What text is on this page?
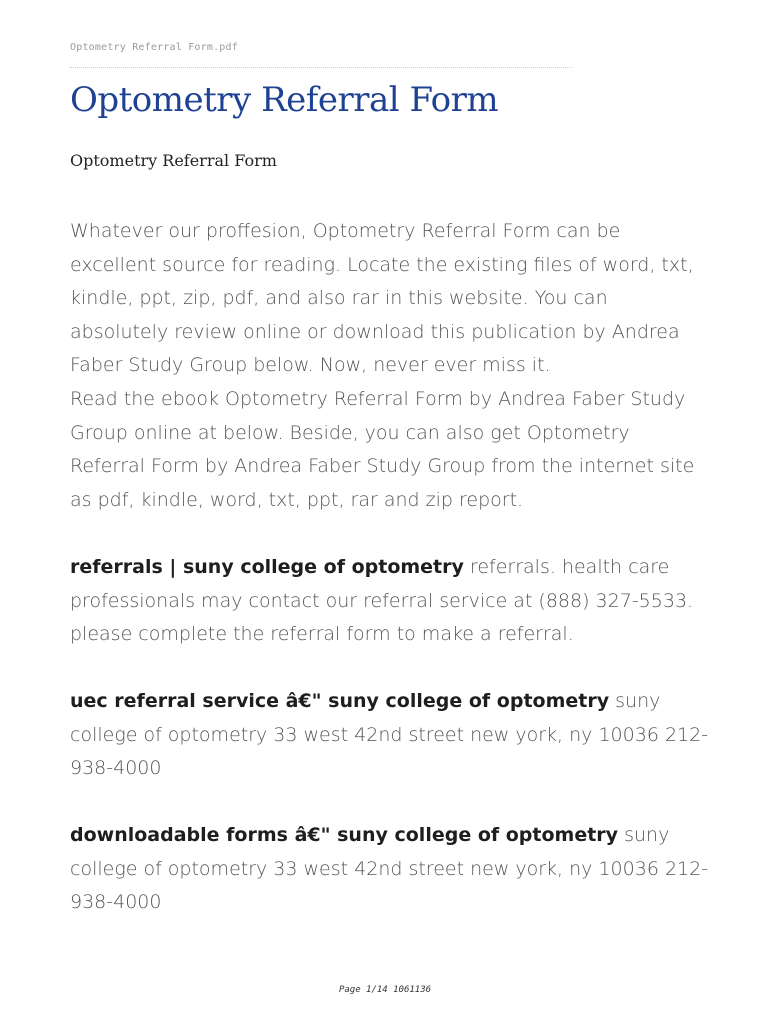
Optometry Referral Form.pdf
Optometry Referral Form
Optometry Referral Form
Whatever our proffesion, Optometry Referral Form can be excellent source for reading. Locate the existing files of word, txt, kindle, ppt, zip, pdf, and also rar in this website. You can absolutely review online or download this publication by Andrea Faber Study Group below. Now, never ever miss it.
Read the ebook Optometry Referral Form by Andrea Faber Study Group online at below. Beside, you can also get Optometry Referral Form by Andrea Faber Study Group from the internet site as pdf, kindle, word, txt, ppt, rar and zip report.

referrals | suny college of optometry referrals. health care professionals may contact our referral service at (888) 327-5533. please complete the referral form to make a referral.

uec referral service â€" suny college of optometry suny college of optometry 33 west 42nd street new york, ny 10036 212-938-4000

downloadable forms â€" suny college of optometry suny college of optometry 33 west 42nd street new york, ny 10036 212-938-4000

Page 1/14 1061136
